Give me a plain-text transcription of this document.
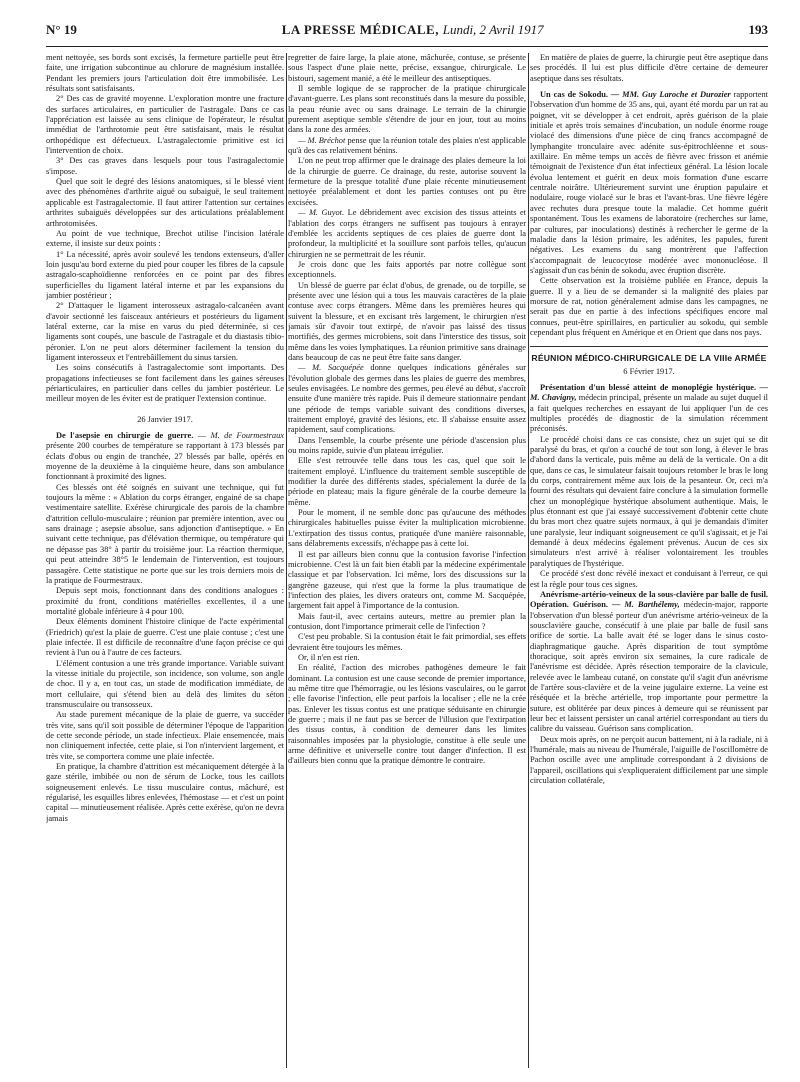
N° 19	LA PRESSE MÉDICALE, Lundi, 2 Avril 1917	193

ment nettoyée, ses bords sont excisés, la fermeture partielle peut être faite, une irrigation subcontinue au chlorure de magnésium installée. Pendant les premiers jours l'articulation doit être immobilisée. Les résultats sont satisfaisants.

2° Des cas de gravité moyenne. L'exploration montre une fracture des surfaces articulaires, en particulier de l'astragale. Dans ce cas l'appréciation est laissée au sens clinique de l'opérateur, le résultat immédiat de l'arthrotomie peut être satisfaisant, mais le résultat orthopédique est défectueux. L'astragalectomie primitive est ici l'intervention de choix.

3° Des cas graves dans lesquels pour tous l'astragalectomie s'impose.

Quel que soit le degré des lésions anatomiques, si le blessé vient avec des phénomènes d'arthrite aiguë ou subaiguë, le seul traitement applicable est l'astragalectomie. Il faut attirer l'attention sur certaines arthrites subaiguës développées sur des articulations préalablement arthrotomisées.

Au point de vue technique, Brechot utilise l'incision latérale externe, il insiste sur deux points :

1° La nécessité, après avoir soulevé les tendons extenseurs, d'aller loin jusqu'au bord externe du pied pour couper les fibres de la capsule astragalo-scaphoïdienne renforcées en ce point par des fibres superficielles du ligament latéral interne et par les expansions du jambier postérieur ;

2° D'attaquer le ligament interosseux astragalo-calcanéen avant d'avoir sectionné les faisceaux antérieurs et postérieurs du ligament latéral externe, car la mise en varus du pied déterminée, si ces ligaments sont coupés, une bascule de l'astragale et du diastasis tibio-péronier. L'on ne peut alors déterminer facilement la tension du ligament interosseux et l'entrebâillement du sinus tarsien.

Les soins consécutifs à l'astragalectomie sont importants. Des propagations infectieuses se font facilement dans les gaines séreuses périarticulaires, en particulier dans celles du jambier postérieur. Le meilleur moyen de les éviter est de pratiquer l'extension continue.

26 Janvier 1917.

De l'asepsie en chirurgie de guerre. — M. de Fourmestraux présente 200 courbes de température se rapportant à 173 blessés par éclats d'obus ou engin de tranchée, 27 blessés par balle, opérés en moyenne de la deuxième à la cinquième heure, dans son ambulance fonctionnant à proximité des lignes.

Ces blessés ont été soignés en suivant une technique, qui fut toujours la même : « Ablation du corps étranger, engainé de sa chape vestimentaire satellite. Exérèse chirurgicale des parois de la chambre d'attrition cellulo-musculaire ; réunion par première intention, avec ou sans drainage ; asepsie absolue, sans adjonction d'antiseptique. » En suivant cette technique, pas d'élévation thermique, ou température qui ne dépasse pas 38° à partir du troisième jour. La réaction thermique, qui peut atteindre 38°5 le lendemain de l'intervention, est toujours passagère. Cette statistique ne porte que sur les trois derniers mois de la pratique de Fourmestraux.

Depuis sept mois, fonctionnant dans des conditions analogues : proximité du front, conditions matérielles excellentes, il a une mortalité globale inférieure à 4 pour 100.

Deux éléments dominent l'histoire clinique de l'acte expérimental (Friedrich) qu'est la plaie de guerre. C'est une plaie contuse ; c'est une plaie infectée. Il est difficile de reconnaître d'une façon précise ce qui revient à l'un ou à l'autre de ces facteurs.

L'élément contusion a une très grande importance. Variable suivant la vitesse initiale du projectile, son incidence, son volume, son angle de choc. Il y a, en tout cas, un stade de modification immédiate, de mort cellulaire, qui s'étend bien au delà des limites du séton transmusculaire ou transosseux.

Au stade purement mécanique de la plaie de guerre, va succéder très vite, sans qu'il soit possible de déterminer l'époque de l'apparition de cette seconde période, un stade infectieux. Plaie ensemencée, mais non cliniquement infectée, cette plaie, si l'on n'intervient largement, et très vite, se comportera comme une plaie infectée.

En pratique, la chambre d'attrition est mécaniquement détergée à la gaze stérile, imbibée ou non de sérum de Locke, tous les caillots soigneusement enlevés. Le tissu musculaire contus, mâchuré, est régularisé, les esquilles libres enlevées, l'hémostase — et c'est un point capital — minutieusement réalisée. Après cette exérèse, qu'on ne devra jamais

regretter de faire large, la plaie atone, mâchurée, contuse, se présente sous l'aspect d'une plaie nette, précise, exsangue, chirurgicale. Le bistouri, sagement manié, a été le meilleur des antiseptiques.

Il semble logique de se rapprocher de la pratique chirurgicale d'avant-guerre. Les plans sont reconstitués dans la mesure du possible, la peau réunie avec ou sans drainage. Le terrain de la chirurgie purement aseptique semble s'étendre de jour en jour, tout au moins dans la zone des armées.

— M. Bréchot pense que la réunion totale des plaies n'est applicable qu'à des cas relativement bénins.

L'on ne peut trop affirmer que le drainage des plaies demeure la loi de la chirurgie de guerre. Ce drainage, du reste, autorise souvent la fermeture de la presque totalité d'une plaie récente minutieusement nettoyée préalablement et dont les parties contuses ont pu être excisées.

— M. Guyot. Le débridement avec excision des tissus atteints et l'ablation des corps étrangers ne suffisent pas toujours à enrayer d'emblée les accidents septiques de ces plaies de guerre dont la profondeur, la multiplicité et la souillure sont parfois telles, qu'aucun chirurgien ne se permettrait de les réunir.

Je crois donc que les faits apportés par notre collègue sont exceptionnels.

Un blessé de guerre par éclat d'obus, de grenade, ou de torpille, se présente avec une lésion qui a tous les mauvais caractères de la plaie contuse avec corps étrangers. Même dans les premières heures qui suivent la blessure, et en excisant très largement, le chirurgien n'est jamais sûr d'avoir tout extirpé, de n'avoir pas laissé des tissus mortifiés, des germes microbiens, soit dans l'interstice des tissus, soit même dans les voies lymphatiques. La réunion primitive sans drainage dans beaucoup de cas ne peut être faite sans danger.

— M. Sacquépée donne quelques indications générales sur l'évolution globale des germes dans les plaies de guerre des membres, seules envisagées. Le nombre des germes, peu élevé au début, s'accroît ensuite d'une manière très rapide. Puis il demeure stationnaire pendant une période de temps variable suivant des conditions diverses, traitement employé, gravité des lésions, etc. Il s'abaisse ensuite assez rapidement, sauf complications.

Dans l'ensemble, la courbe présente une période d'ascension plus ou moins rapide, suivie d'un plateau irrégulier.

Elle s'est retrouvée telle dans tous les cas, quel que soit le traitement employé. L'influence du traitement semble susceptible de modifier la durée des différents stades, spécialement la durée de la période en plateau; mais la figure générale de la courbe demeure la même.

Pour le moment, il ne semble donc pas qu'aucune des méthodes chirurgicales habituelles puisse éviter la multiplication microbienne. L'extirpation des tissus contus, pratiquée d'une manière raisonnable, sans délabrements excessifs, n'échappe pas à cette loi.

Il est par ailleurs bien connu que la contusion favorise l'infection microbienne. C'est là un fait bien établi par la médecine expérimentale classique et par l'observation. Ici même, lors des discussions sur la gangrène gazeuse, qui n'est que la forme la plus traumatique de l'infection des plaies, les divers orateurs ont, comme M. Sacquépée, largement fait appel à l'importance de la contusion.

Mais faut-il, avec certains auteurs, mettre au premier plan la contusion, dont l'importance primerait celle de l'infection ?

C'est peu probable. Si la contusion était le fait primordial, ses effets devraient être toujours les mêmes.

Or, il n'en est rien.

En réalité, l'action des microbes pathogènes demeure le fait dominant. La contusion est une cause seconde de premier importance, au même titre que l'hémorragie, ou les lésions vasculaires, ou le garrot ; elle favorise l'infection, elle peut parfois la localiser ; elle ne la crée pas. Enlever les tissus contus est une pratique séduisante en chirurgie de guerre ; mais il ne faut pas se bercer de l'illusion que l'extirpation des tissus contus, à condition de demeurer dans les limites raisonnables imposées par la physiologie, constitue à elle seule une arme définitive et universelle contre tout danger d'infection. Il est d'ailleurs bien connu que la pratique démontre le contraire.

En matière de plaies de guerre, la chirurgie peut être aseptique dans ses procédés. Il lui est plus difficile d'être certaine de demeurer aseptique dans ses résultats.

Un cas de Sokodu. — MM. Guy Laroche et Durozier rapportent l'observation d'un homme de 35 ans, qui, ayant été mordu par un rat au poignet, vit se développer à cet endroit, après guérison de la plaie initiale et après trois semaines d'incubation, un nodule énorme rouge violacé des dimensions d'une pièce de cinq francs accompagné de lymphangite tronculaire avec adénite sus-épitrochléenne et sous-axillaire. En même temps un accès de fièvre avec frisson et anémie témoignait de l'existence d'un état infectieux général. La lésion locale évolua lentement et guérit en deux mois formation d'une escarre centrale noirâtre. Ultérieurement survint une éruption papulaire et nodulaire, rouge violacé sur le bras et l'avant-bras. Une fièvre légère avec rechutes dura presque toute la maladie. Cet homme guérit spontanément. Tous les examens de laboratoire (recherches sur lame, par cultures, par inoculations) destinés à rechercher le germe de la maladie dans la lésion primaire, les adénites, les papules, furent négatives. Les examens du sang montrèrent que l'affection s'accompagnait de leucocytose modérée avec mononucléose. Il s'agissait d'un cas bénin de sokodu, avec éruption discrète.

Cette observation est la troisième publiée en France, depuis la guerre. Il y a lieu de se demander si la malignité des plaies par morsure de rat, notion généralement admise dans les campagnes, ne serait pas due en partie à des infections spécifiques encore mal connues, peut-être spirillaires, en particulier au sokodu, qui semble cependant plus fréquent en Amérique et en Orient que dans nos pays.

RÉUNION MÉDICO-CHIRURGICALE DE LA VIIIe ARMÉE

6 Février 1917.

Présentation d'un blessé atteint de monoplégie hystérique. — M. Chavigny, médecin principal, présente un malade au sujet duquel il a fait quelques recherches en essayant de lui appliquer l'un de ces multiples procédés de diagnostic de la simulation récemment préconisés.

Le procédé choisi dans ce cas consiste, chez un sujet qui se dit paralysé du bras, et qu'on a couché de tout son long, à élever le bras d'abord dans la verticale, puis même au delà de la verticale. On a dit que, dans ce cas, le simulateur faisait toujours retomber le bras le long du corps, contrairement même aux lois de la pesanteur. Or, ceci m'a fourni des résultats qui devaient faire conclure à la simulation formelle chez un monoplégique hystérique absolument authentique. Mais, le plus étonnant est que j'ai essayé successivement d'obtenir cette chute du bras mort chez quatre sujets normaux, à qui je demandais d'imiter une paralysie, leur indiquant soigneusement ce qu'il s'agissait, et je l'ai demandé à deux médecins également prévenus. Aucun de ces six simulateurs n'est arrivé à réaliser volontairement les troubles paralytiques de l'hystérique.

Ce procédé s'est donc révélé inexact et conduisant à l'erreur, ce qui est la règle pour tous ces signes.

Anévrisme-artério-veineux de la sous-clavière par balle de fusil. Opération. Guérison. — M. Barthélemy, médecin-major, rapporte l'observation d'un blessé porteur d'un anévrisme artério-veineux de la sousclavière gauche, consécutif à une plaie par balle de fusil sans orifice de sortie. La balle avait été se loger dans le sinus costo-diaphragmatique gauche. Après disparition de tout symptôme thoracique, soit après environ six semaines, la cure radicale de l'anévrisme est décidée. Après résection temporaire de la clavicule, relevée avec le lambeau cutané, on constate qu'il s'agit d'un anévrisme de l'artère sous-clavière et de la veine jugulaire externe. La veine est réséquée et la brèche artérielle, trop importante pour permettre la suture, est oblitérée par deux pinces à demeure qui se réunissent par leur bec et laissent persister un canal artériel correspondant au tiers du calibre du vaisseau. Guérison sans complication.

Deux mois après, on ne perçoit aucun battement, ni à la radiale, ni à l'humérale, mais au niveau de l'humérale, l'aiguille de l'oscillomètre de Pachon oscille avec une amplitude correspondant à 2 divisions de l'appareil, oscillations qui s'expliqueraient difficilement par une simple circulation collatérale,
